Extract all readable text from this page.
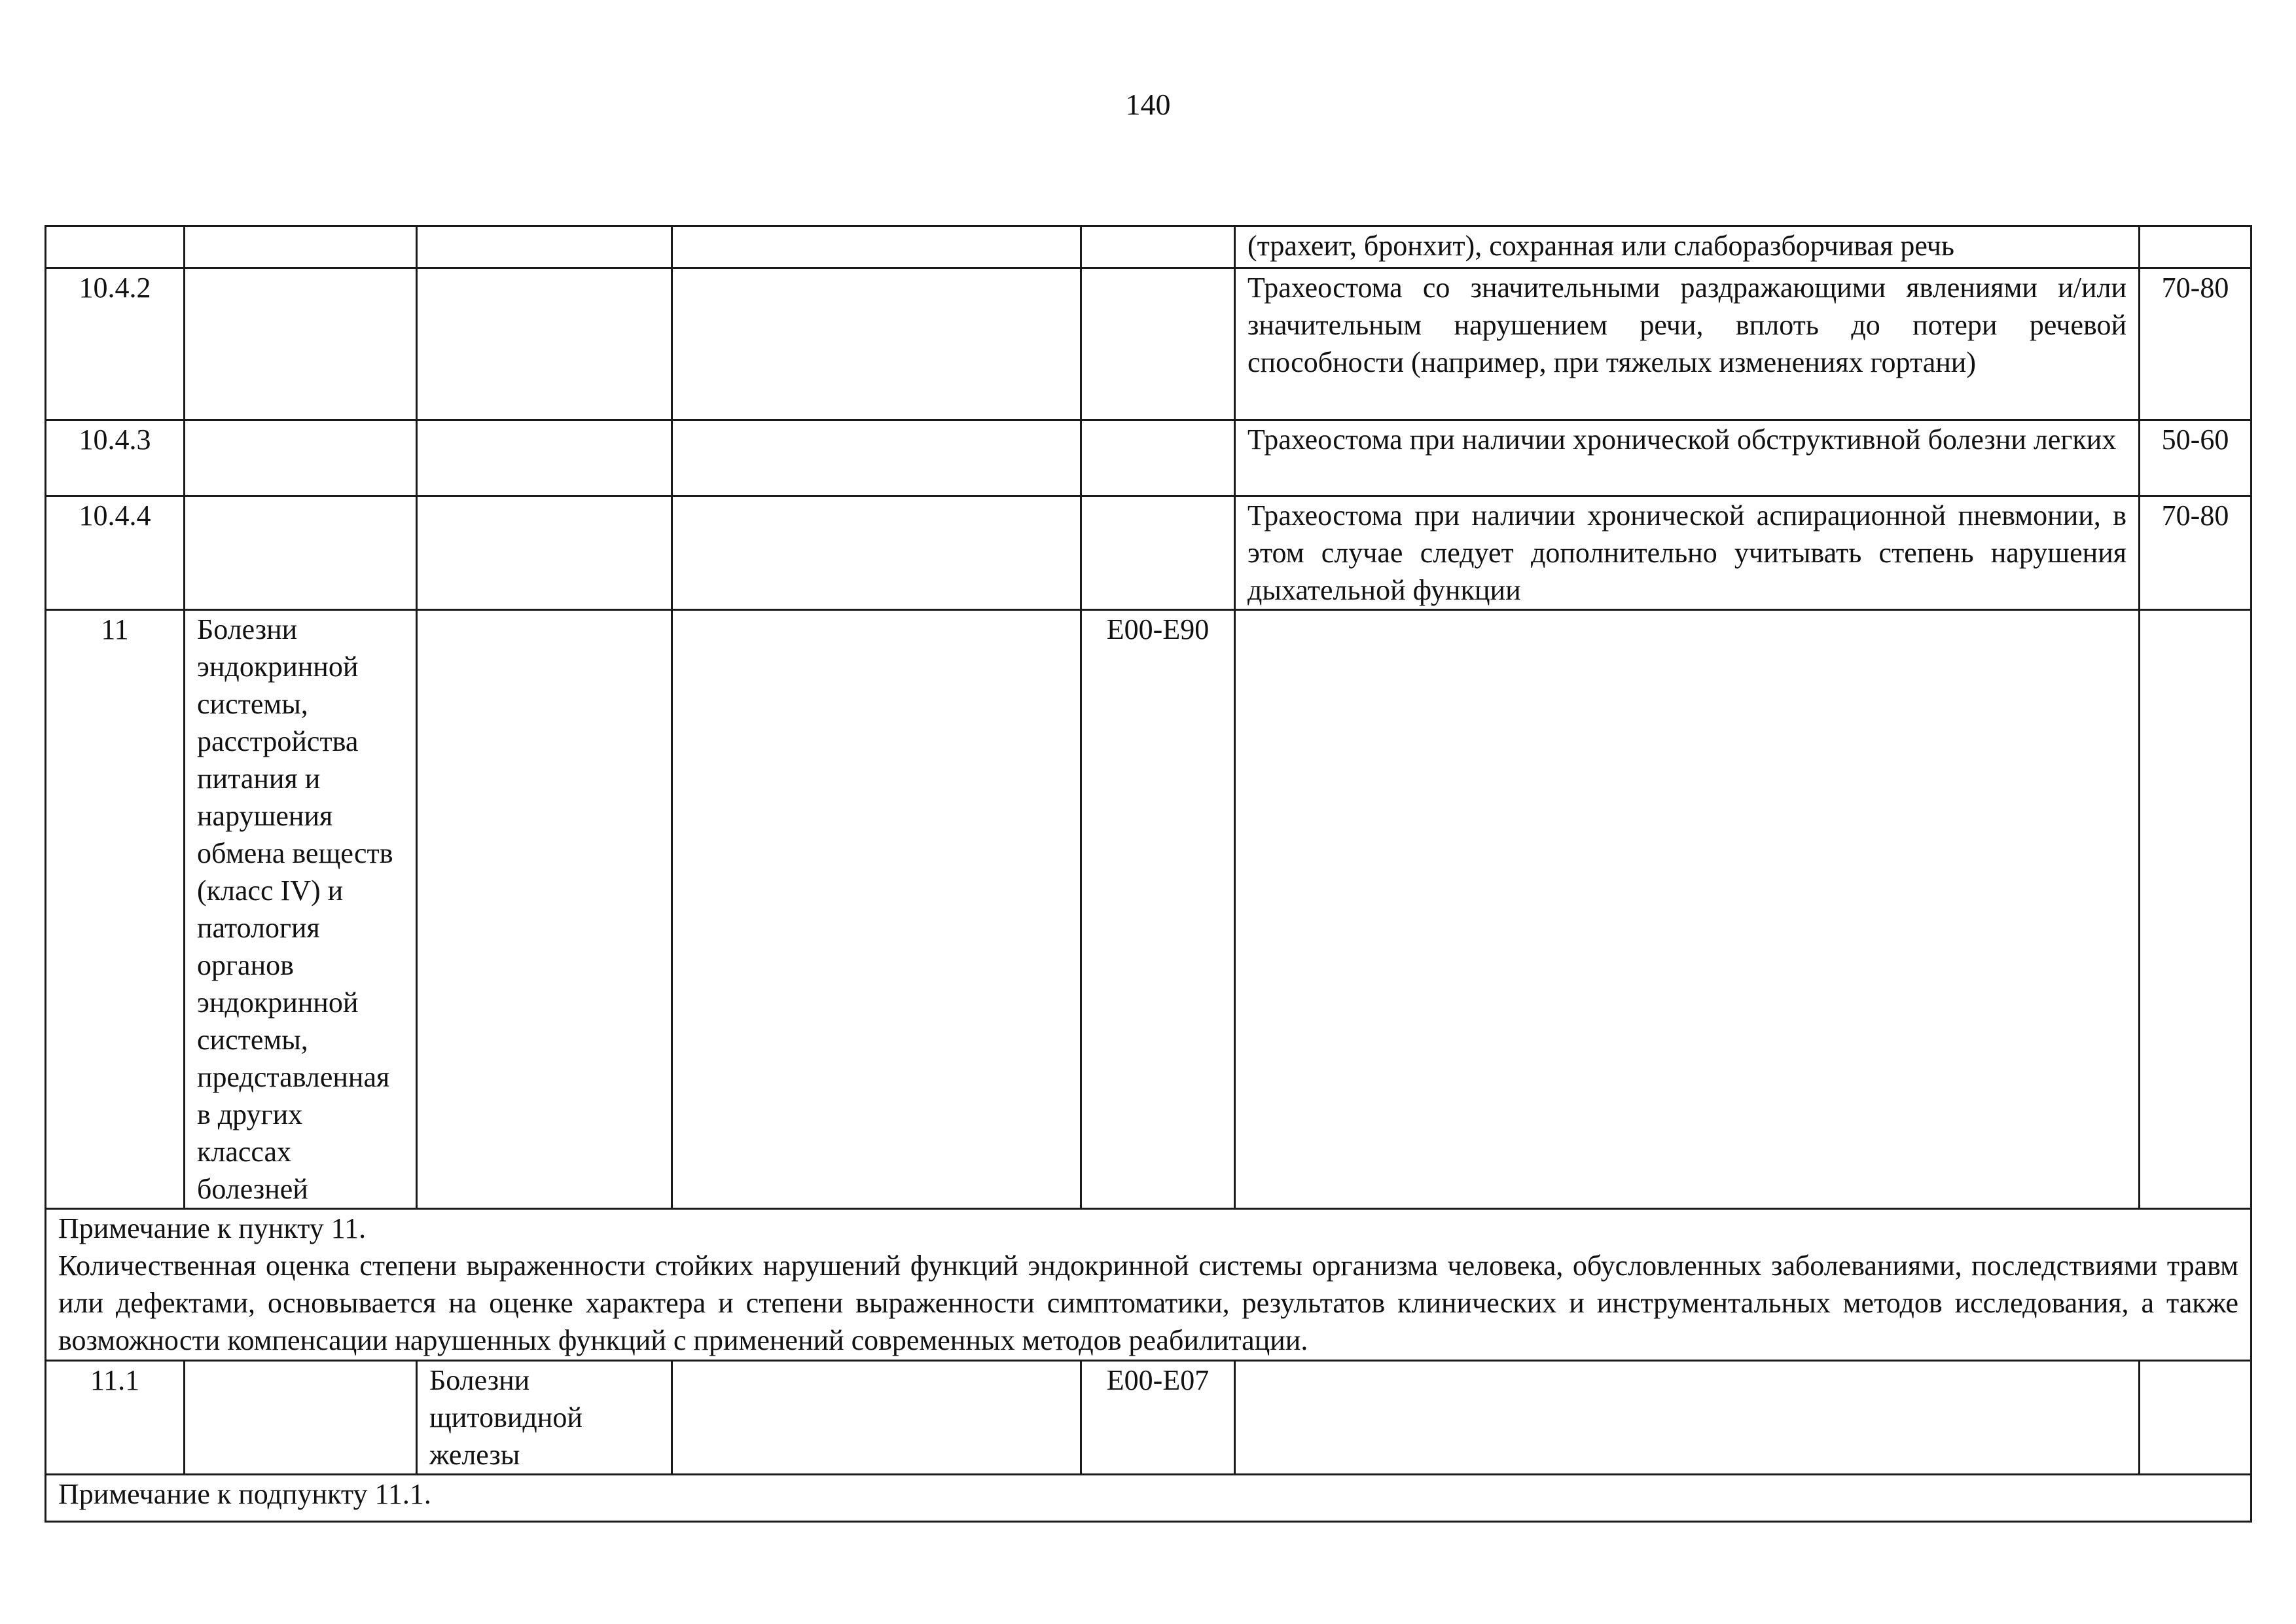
140
					(трахеит, бронхит), сохранная или слаборазборчивая речь	
10.4.2					Трахеостома со значительными раздражающими явлениями и/или значительным нарушением речи, вплоть до потери речевой способности (например, при тяжелых изменениях гортани)	70-80
10.4.3					Трахеостома при наличии хронической обструктивной болезни легких	50-60
10.4.4					Трахеостома при наличии хронической аспирационной пневмонии, в этом случае следует дополнительно учитывать степень нарушения дыхательной функции	70-80
11	Болезни эндокринной системы, расстройства питания и нарушения обмена веществ (класс IV) и патология органов эндокринной системы, представленная в других классах болезней			E00-E90		

Примечание к пункту 11.
Количественная оценка степени выраженности стойких нарушений функций эндокринной системы организма человека, обусловленных заболеваниями, последствиями травм или дефектами, основывается на оценке характера и степени выраженности симптоматики, результатов клинических и инструментальных методов исследования, а также возможности компенсации нарушенных функций с применений современных методов реабилитации.						

11.1		Болезни щитовидной железы		E00-E07		

Примечание к подпункту 11.1.						
